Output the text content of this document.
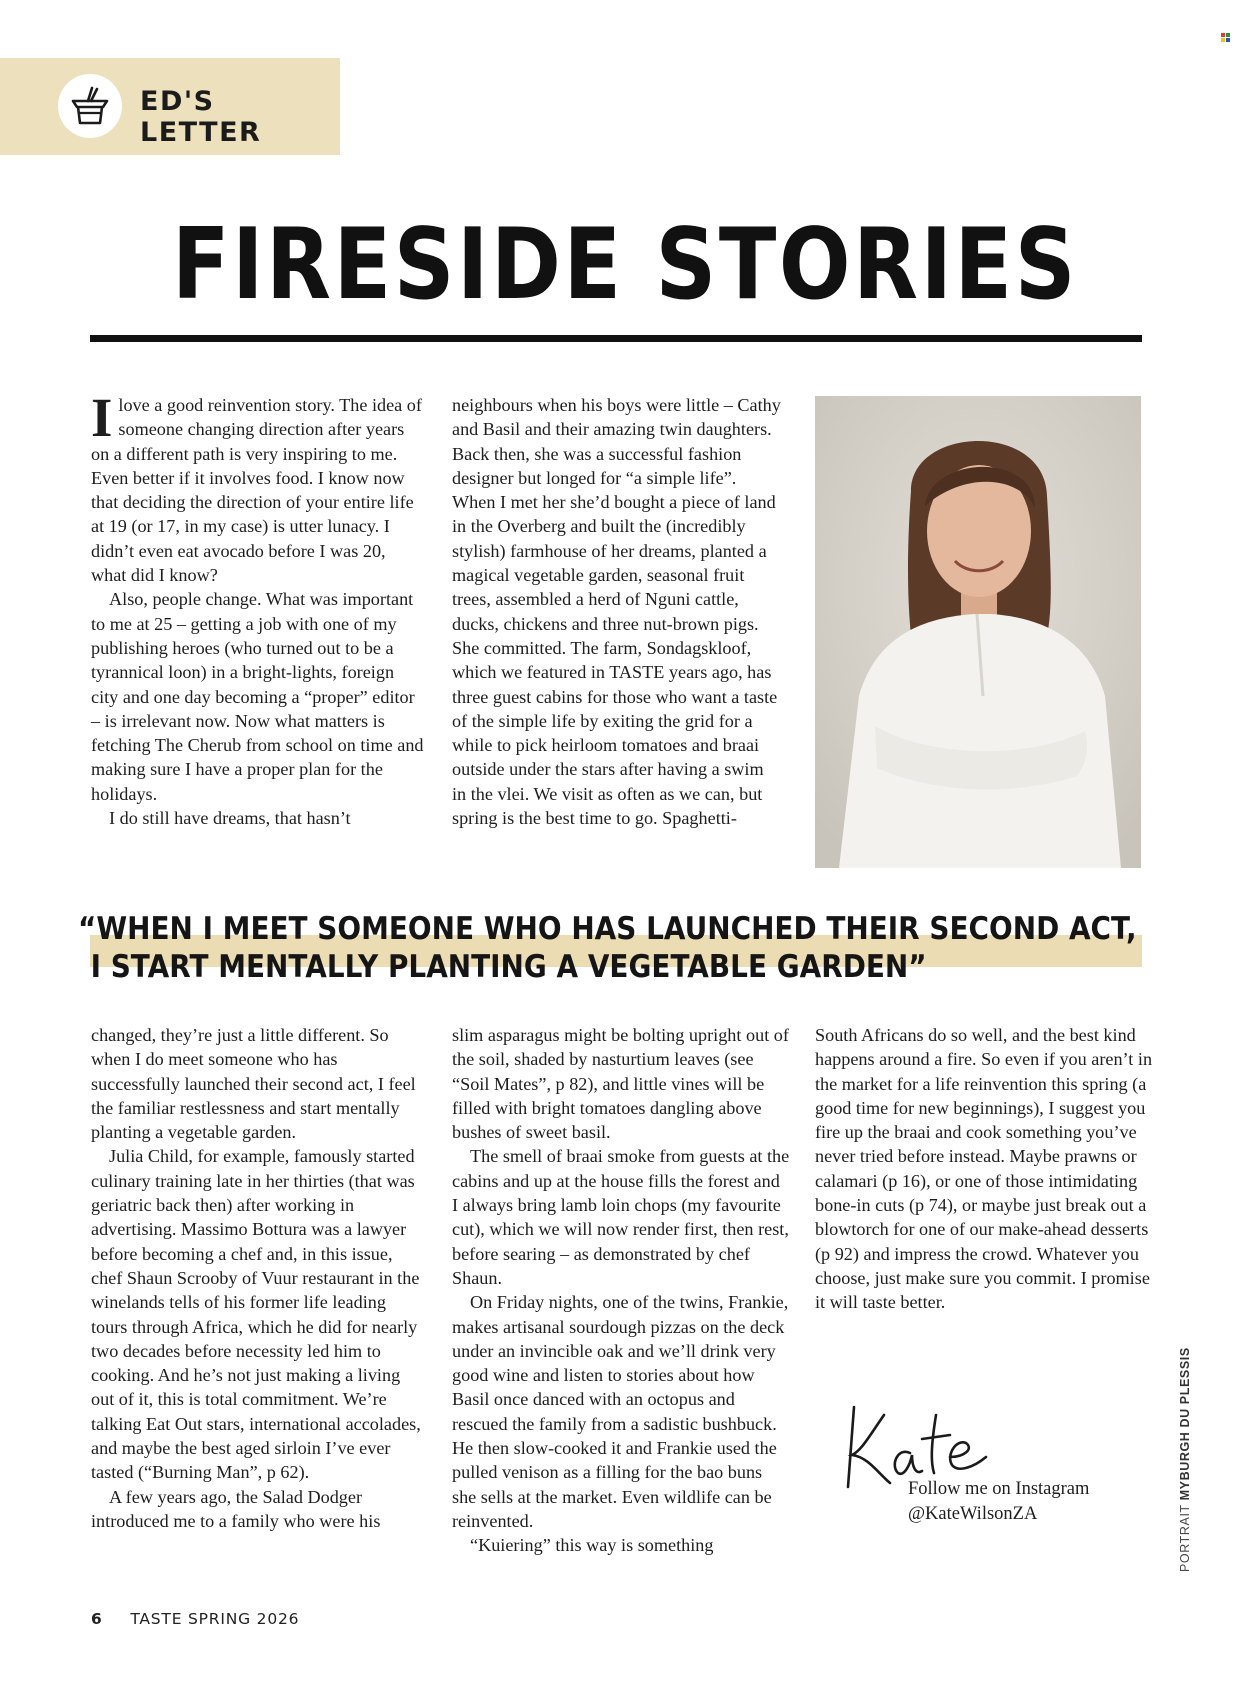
ED'S LETTER
FIRESIDE STORIES

Ilove a good reinvention story. The idea of someone changing direction after years on a different path is very inspiring to me. Even better if it involves food. I know now that deciding the direction of your entire life at 19 (or 17, in my case) is utter lunacy. I didn’t even eat avocado before I was 20, what did I know?

Also, people change. What was important to me at 25 – getting a job with one of my publishing heroes (who turned out to be a tyrannical loon) in a bright-lights, foreign city and one day becoming a “proper” editor – is irrelevant now. Now what matters is fetching The Cherub from school on time and making sure I have a proper plan for the holidays.

I do still have dreams, that hasn’t

neighbours when his boys were little – Cathy and Basil and their amazing twin daughters. Back then, she was a successful fashion designer but longed for “a simple life”. When I met her she’d bought a piece of land in the Overberg and built the (incredibly stylish) farmhouse of her dreams, planted a magical vegetable garden, seasonal fruit trees, assembled a herd of Nguni cattle, ducks, chickens and three nut-brown pigs. She committed. The farm, Sondagskloof, which we featured in TASTE years ago, has three guest cabins for those who want a taste of the simple life by exiting the grid for a while to pick heirloom tomatoes and braai outside under the stars after having a swim in the vlei. We visit as often as we can, but spring is the best time to go. Spaghetti-

“WHEN I MEET SOMEONE WHO HAS LAUNCHED THEIR SECOND ACT,
I START MENTALLY PLANTING A VEGETABLE GARDEN”

changed, they’re just a little different. So when I do meet someone who has successfully launched their second act, I feel the familiar restlessness and start mentally planting a vegetable garden.

Julia Child, for example, famously started culinary training late in her thirties (that was geriatric back then) after working in advertising. Massimo Bottura was a lawyer before becoming a chef and, in this issue, chef Shaun Scrooby of Vuur restaurant in the winelands tells of his former life leading tours through Africa, which he did for nearly two decades before necessity led him to cooking. And he’s not just making a living out of it, this is total commitment. We’re talking Eat Out stars, international accolades, and maybe the best aged sirloin I’ve ever tasted (“Burning Man”, p 62).

A few years ago, the Salad Dodger introduced me to a family who were his

slim asparagus might be bolting upright out of the soil, shaded by nasturtium leaves (see “Soil Mates”, p 82), and little vines will be filled with bright tomatoes dangling above bushes of sweet basil.

The smell of braai smoke from guests at the cabins and up at the house fills the forest and I always bring lamb loin chops (my favourite cut), which we will now render first, then rest, before searing – as demonstrated by chef Shaun.

On Friday nights, one of the twins, Frankie, makes artisanal sourdough pizzas on the deck under an invincible oak and we’ll drink very good wine and listen to stories about how Basil once danced with an octopus and rescued the family from a sadistic bushbuck. He then slow-cooked it and Frankie used the pulled venison as a filling for the bao buns she sells at the market. Even wildlife can be reinvented.

“Kuiering” this way is something

South Africans do so well, and the best kind happens around a fire. So even if you aren’t in the market for a life reinvention this spring (a good time for new beginnings), I suggest you fire up the braai and cook something you’ve never tried before instead. Maybe prawns or calamari (p 16), or one of those intimidating bone-in cuts (p 74), or maybe just break out a blowtorch for one of our make-ahead desserts (p 92) and impress the crowd. Whatever you choose, just make sure you commit. I promise it will taste better.

Follow me on Instagram
@KateWilsonZA	PORTRAIT MYBURGH DU PLESSIS
6 TASTE SPRING 2026
